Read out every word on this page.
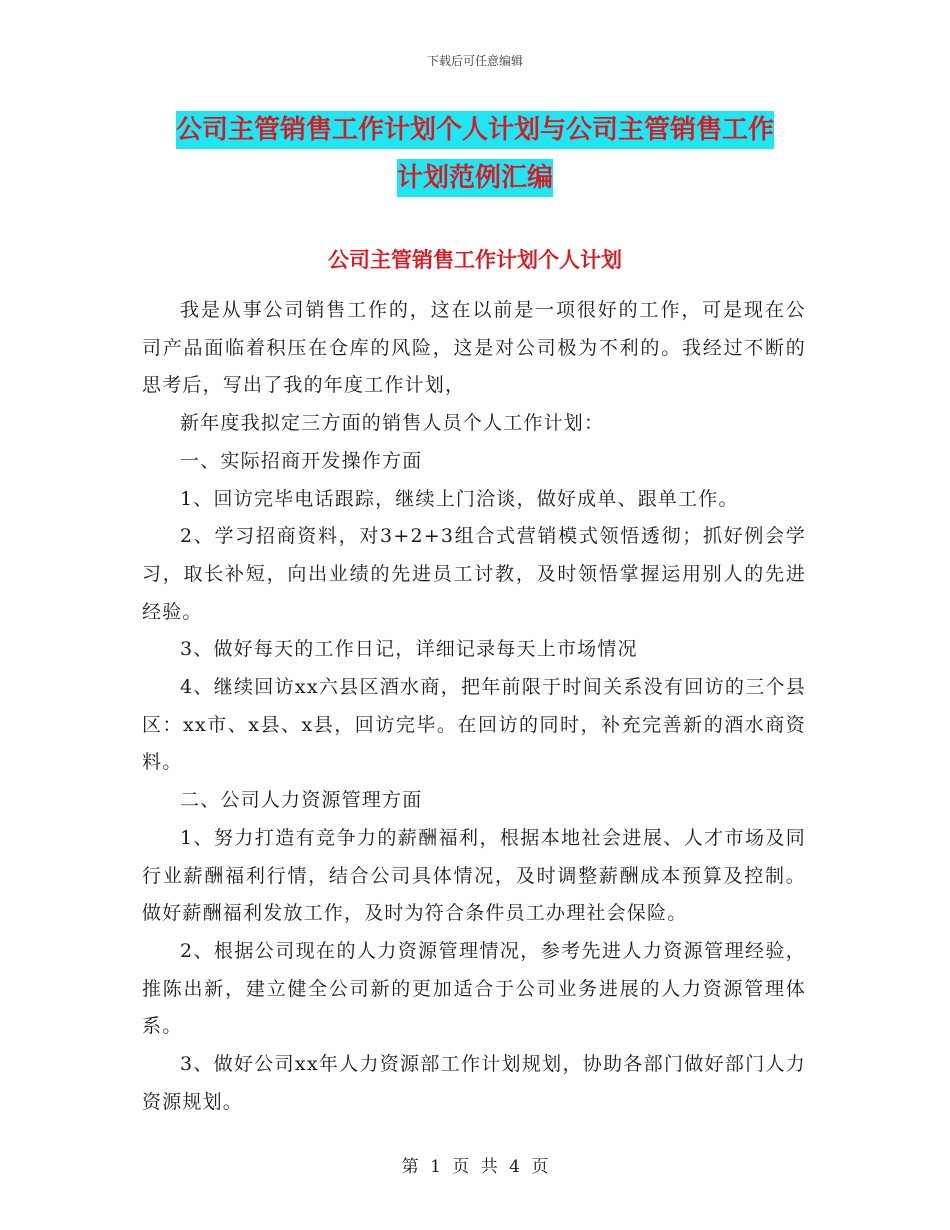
下载后可任意编辑
公司主管销售工作计划个人计划与公司主管销售工作
计划范例汇编
公司主管销售工作计划个人计划

我是从事公司销售工作的，这在以前是一项很好的工作，可是现在公司产品面临着积压在仓库的风险，这是对公司极为不利的。我经过不断的思考后，写出了我的年度工作计划，

新年度我拟定三方面的销售人员个人工作计划：

一、实际招商开发操作方面

1、回访完毕电话跟踪，继续上门洽谈，做好成单、跟单工作。

2、学习招商资料，对3+2+3组合式营销模式领悟透彻；抓好例会学习，取长补短，向出业绩的先进员工讨教，及时领悟掌握运用别人的先进经验。

3、做好每天的工作日记，详细记录每天上市场情况

4、继续回访xx六县区酒水商，把年前限于时间关系没有回访的三个县区：xx市、x县、x县，回访完毕。在回访的同时，补充完善新的酒水商资料。

二、公司人力资源管理方面

1、努力打造有竞争力的薪酬福利，根据本地社会进展、人才市场及同行业薪酬福利行情，结合公司具体情况，及时调整薪酬成本预算及控制。做好薪酬福利发放工作，及时为符合条件员工办理社会保险。

2、根据公司现在的人力资源管理情况，参考先进人力资源管理经验，推陈出新，建立健全公司新的更加适合于公司业务进展的人力资源管理体系。

3、做好公司xx年人力资源部工作计划规划，协助各部门做好部门人力资源规划。

第 1 页 共 4 页
